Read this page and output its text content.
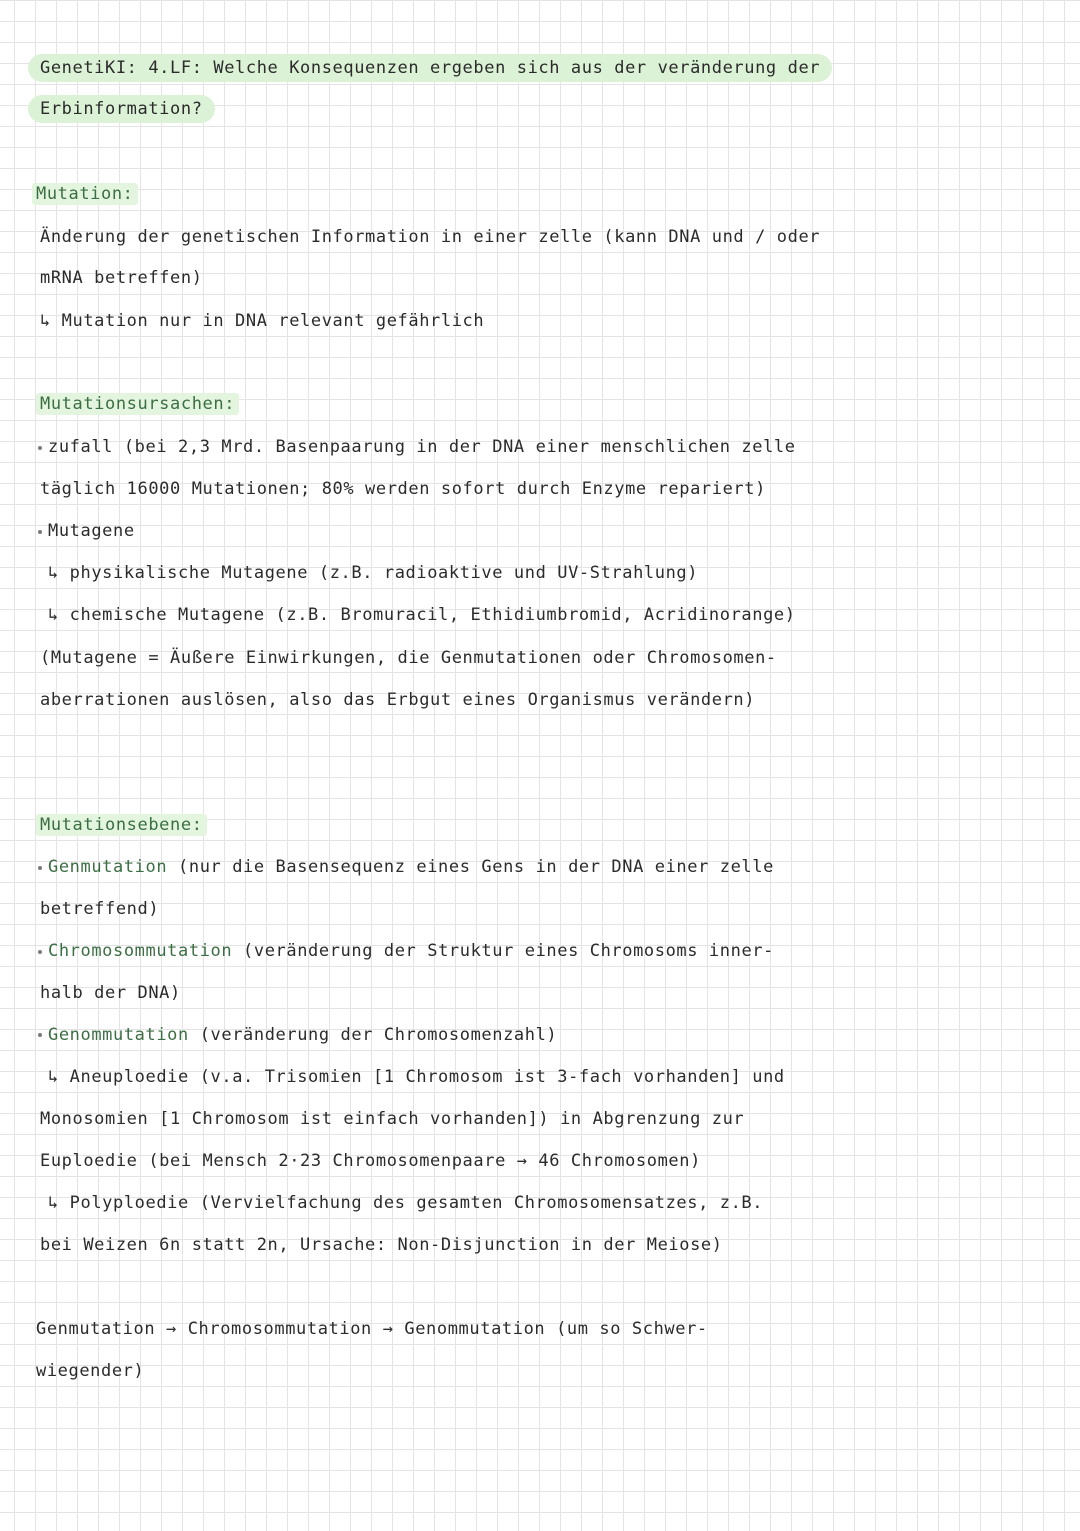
GenetiKI: 4.LF: Welche Konsequenzen ergeben sich aus der veränderung der
Erbinformation?
Mutation:
Änderung der genetischen Information in einer zelle (kann DNA und / oder
mRNA betreffen)
↳ Mutation nur in DNA relevant gefährlich
Mutationsursachen:
zufall (bei 2,3 Mrd. Basenpaarung in der DNA einer menschlichen zelle
täglich 16000 Mutationen; 80% werden sofort durch Enzyme repariert)
Mutagene
↳ physikalische Mutagene (z.B. radioaktive und UV-Strahlung)
↳ chemische Mutagene (z.B. Bromuracil, Ethidiumbromid, Acridinorange)
(Mutagene = Äußere Einwirkungen, die Genmutationen oder Chromosomen-
aberrationen auslösen, also das Erbgut eines Organismus verändern)
Mutationsebene:
Genmutation (nur die Basensequenz eines Gens in der DNA einer zelle
betreffend)
Chromosommutation (veränderung der Struktur eines Chromosoms inner-
halb der DNA)
Genommutation (veränderung der Chromosomenzahl)
↳ Aneuploedie (v.a. Trisomien [1 Chromosom ist 3-fach vorhanden] und
Monosomien [1 Chromosom ist einfach vorhanden]) in Abgrenzung zur
Euploedie (bei Mensch 2·23 Chromosomenpaare → 46 Chromosomen)
↳ Polyploedie (Vervielfachung des gesamten Chromosomensatzes, z.B.
bei Weizen 6n statt 2n, Ursache: Non-Disjunction in der Meiose)
Genmutation → Chromosommutation → Genommutation (um so Schwer-
wiegender)
